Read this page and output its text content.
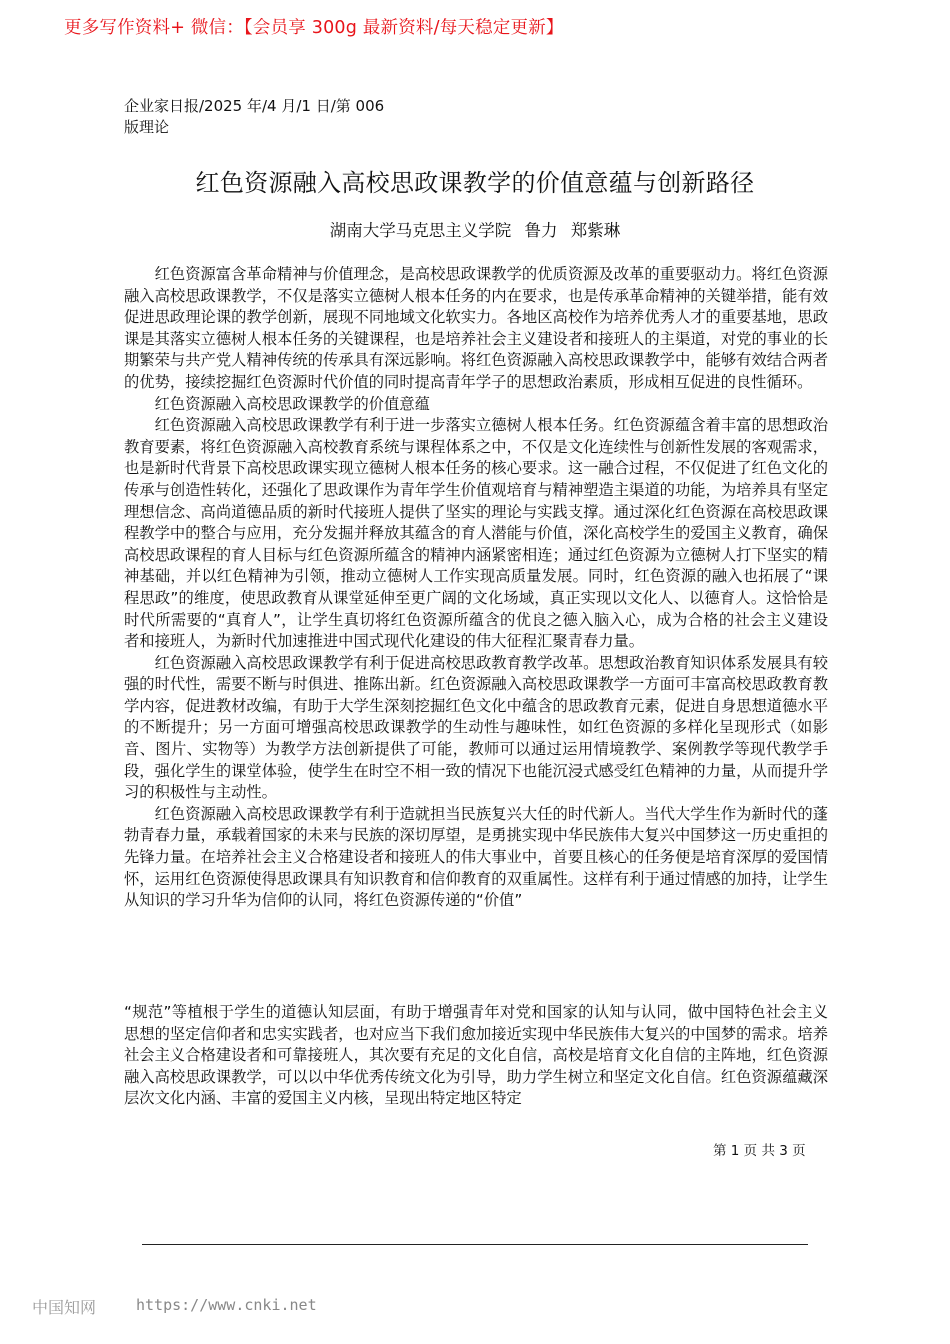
更多写作资料+ 微信：【会员享 300g 最新资料/每天稳定更新】
企业家日报/2025 年/4 月/1 日/第 006
版理论
红色资源融入高校思政课教学的价值意蕴与创新路径
湖南大学马克思主义学院 鲁力 郑紫琳

红色资源富含革命精神与价值理念，是高校思政课教学的优质资源及改革的重要驱动力。将红色资源融入高校思政课教学，不仅是落实立德树人根本任务的内在要求，也是传承革命精神的关键举措，能有效促进思政理论课的教学创新，展现不同地域文化软实力。各地区高校作为培养优秀人才的重要基地，思政课是其落实立德树人根本任务的关键课程，也是培养社会主义建设者和接班人的主渠道，对党的事业的长期繁荣与共产党人精神传统的传承具有深远影响。将红色资源融入高校思政课教学中，能够有效结合两者的优势，接续挖掘红色资源时代价值的同时提高青年学子的思想政治素质，形成相互促进的良性循环。

红色资源融入高校思政课教学的价值意蕴

红色资源融入高校思政课教学有利于进一步落实立德树人根本任务。红色资源蕴含着丰富的思想政治教育要素，将红色资源融入高校教育系统与课程体系之中，不仅是文化连续性与创新性发展的客观需求，也是新时代背景下高校思政课实现立德树人根本任务的核心要求。这一融合过程，不仅促进了红色文化的传承与创造性转化，还强化了思政课作为青年学生价值观培育与精神塑造主渠道的功能，为培养具有坚定理想信念、高尚道德品质的新时代接班人提供了坚实的理论与实践支撑。通过深化红色资源在高校思政课程教学中的整合与应用，充分发掘并释放其蕴含的育人潜能与价值，深化高校学生的爱国主义教育，确保高校思政课程的育人目标与红色资源所蕴含的精神内涵紧密相连；通过红色资源为立德树人打下坚实的精神基础，并以红色精神为引领，推动立德树人工作实现高质量发展。同时，红色资源的融入也拓展了“课程思政”的维度，使思政教育从课堂延伸至更广阔的文化场域，真正实现以文化人、以德育人。这恰恰是时代所需要的“真育人”，让学生真切将红色资源所蕴含的优良之德入脑入心，成为合格的社会主义建设者和接班人，为新时代加速推进中国式现代化建设的伟大征程汇聚青春力量。

红色资源融入高校思政课教学有利于促进高校思政教育教学改革。思想政治教育知识体系发展具有较强的时代性，需要不断与时俱进、推陈出新。红色资源融入高校思政课教学一方面可丰富高校思政教育教学内容，促进教材改编，有助于大学生深刻挖掘红色文化中蕴含的思政教育元素，促进自身思想道德水平的不断提升；另一方面可增强高校思政课教学的生动性与趣味性，如红色资源的多样化呈现形式（如影音、图片、实物等）为教学方法创新提供了可能，教师可以通过运用情境教学、案例教学等现代教学手段，强化学生的课堂体验，使学生在时空不相一致的情况下也能沉浸式感受红色精神的力量，从而提升学习的积极性与主动性。

红色资源融入高校思政课教学有利于造就担当民族复兴大任的时代新人。当代大学生作为新时代的蓬勃青春力量，承载着国家的未来与民族的深切厚望，是勇挑实现中华民族伟大复兴中国梦这一历史重担的先锋力量。在培养社会主义合格建设者和接班人的伟大事业中，首要且核心的任务便是培育深厚的爱国情怀，运用红色资源使得思政课具有知识教育和信仰教育的双重属性。这样有利于通过情感的加持，让学生从知识的学习升华为信仰的认同，将红色资源传递的“价值”

“规范”等植根于学生的道德认知层面，有助于增强青年对党和国家的认知与认同，做中国特色社会主义思想的坚定信仰者和忠实实践者，也对应当下我们愈加接近实现中华民族伟大复兴的中国梦的需求。培养社会主义合格建设者和可靠接班人，其次要有充足的文化自信，高校是培育文化自信的主阵地，红色资源融入高校思政课教学，可以以中华优秀传统文化为引导，助力学生树立和坚定文化自信。红色资源蕴藏深层次文化内涵、丰富的爱国主义内核，呈现出特定地区特定

第 1 页 共 3 页
中国知网	https://www.cnki.net
